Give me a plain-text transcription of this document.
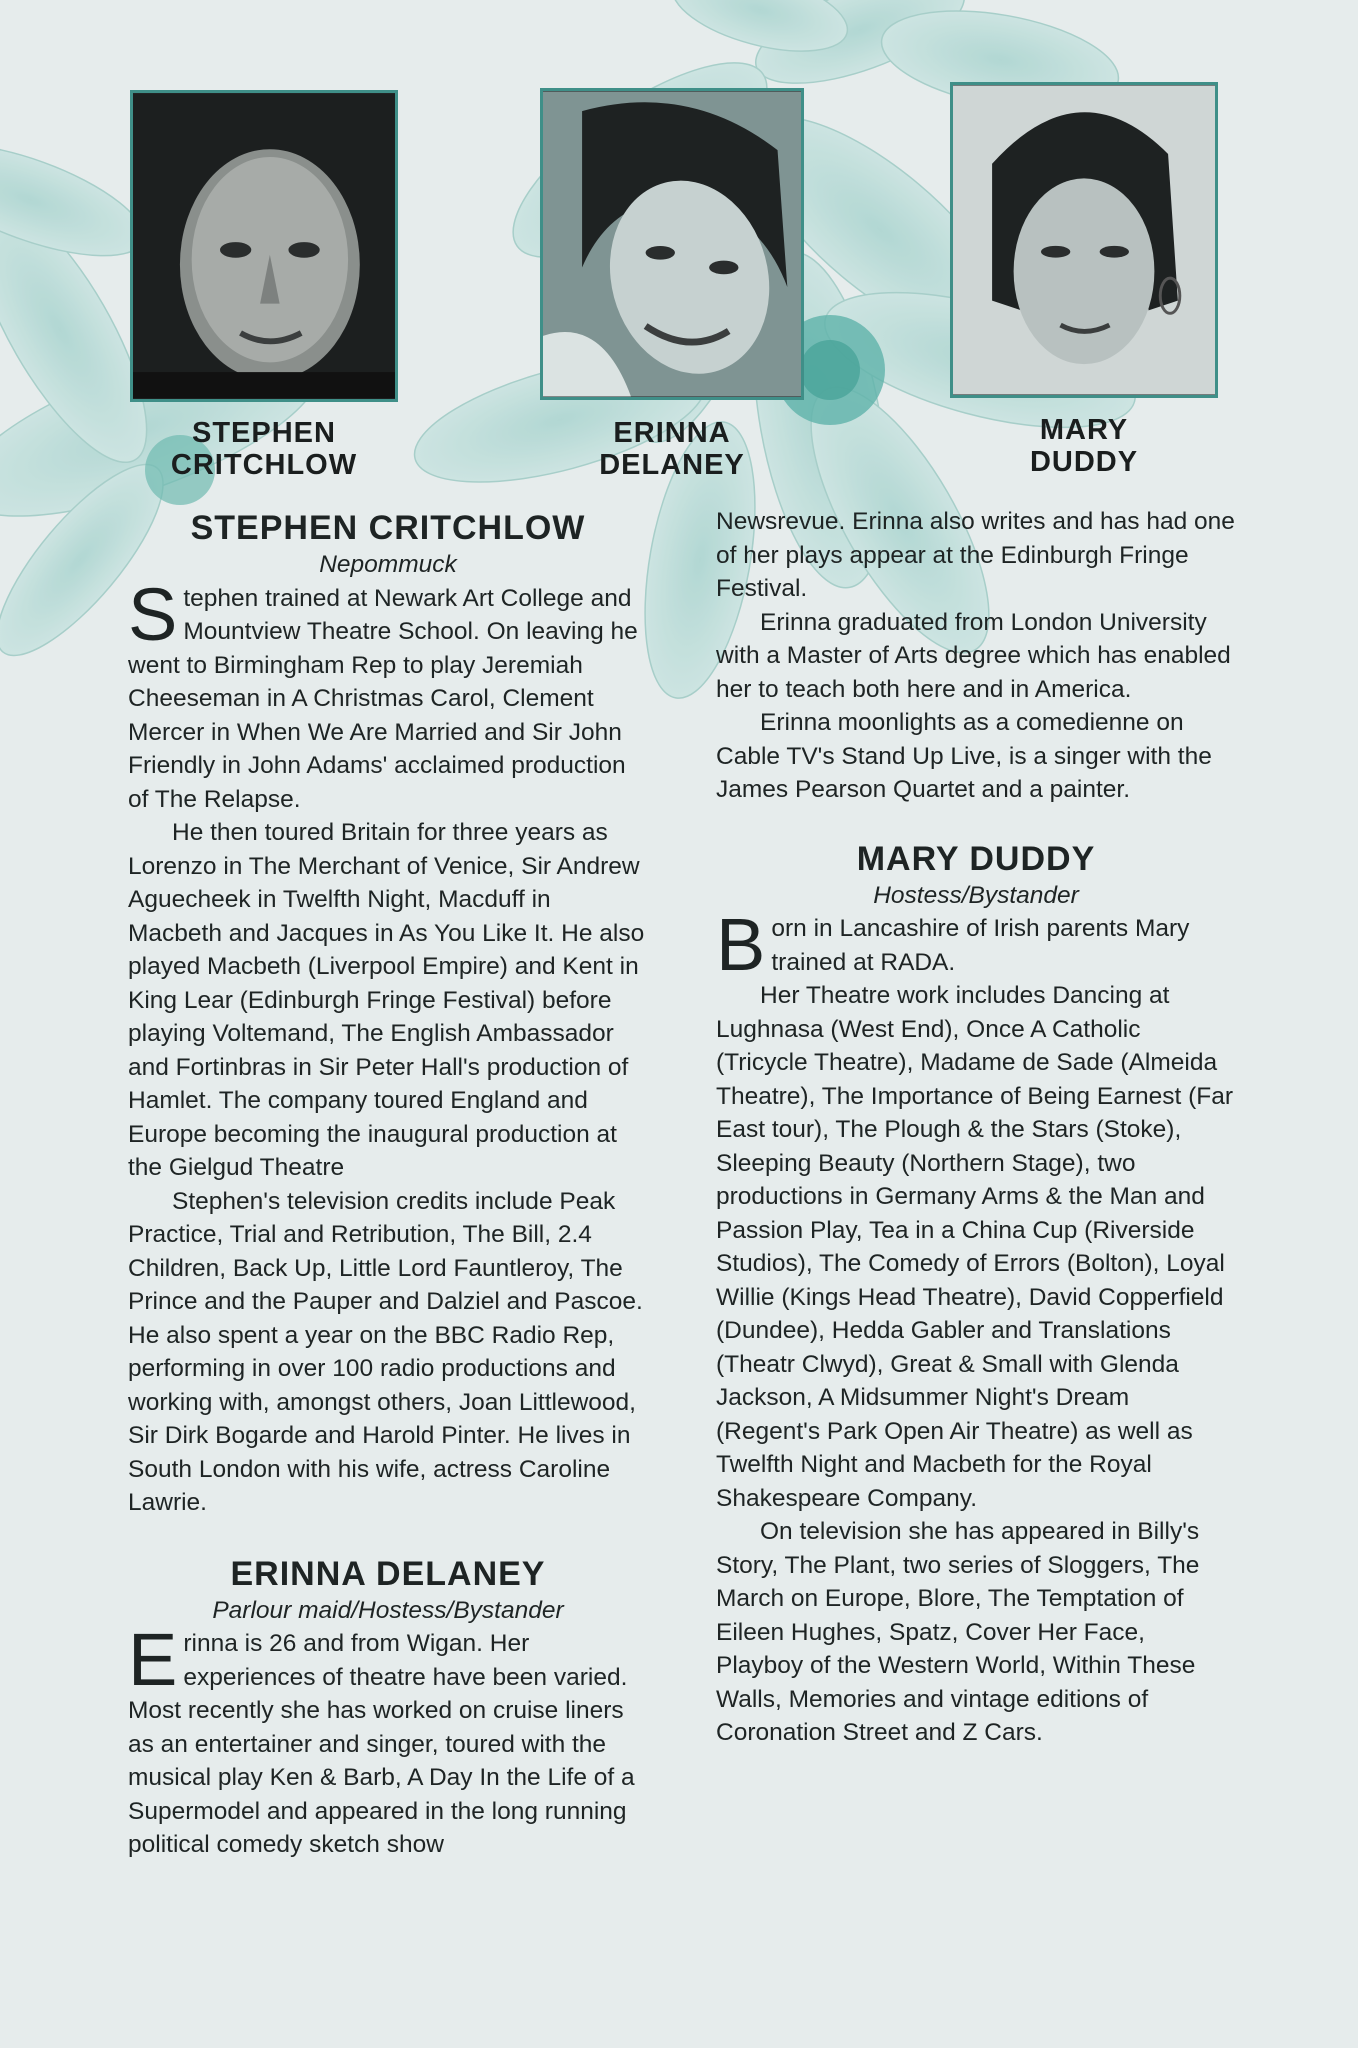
STEPHEN
CRITCHLOW
ERINNA
DELANEY
MARY
DUDDY
STEPHEN CRITCHLOW

Nepommuck

Stephen trained at Newark Art College and Mountview Theatre School. On leaving he went to Birmingham Rep to play Jeremiah Cheeseman in A Christmas Carol, Clement Mercer in When We Are Married and Sir John Friendly in John Adams' acclaimed production of The Relapse.

He then toured Britain for three years as Lorenzo in The Merchant of Venice, Sir Andrew Aguecheek in Twelfth Night, Macduff in Macbeth and Jacques in As You Like It. He also played Macbeth (Liverpool Empire) and Kent in King Lear (Edinburgh Fringe Festival) before playing Voltemand, The English Ambassador and Fortinbras in Sir Peter Hall's production of Hamlet. The company toured England and Europe becoming the inaugural production at the Gielgud Theatre

Stephen's television credits include Peak Practice, Trial and Retribution, The Bill, 2.4 Children, Back Up, Little Lord Fauntleroy, The Prince and the Pauper and Dalziel and Pascoe. He also spent a year on the BBC Radio Rep, performing in over 100 radio productions and working with, amongst others, Joan Littlewood, Sir Dirk Bogarde and Harold Pinter. He lives in South London with his wife, actress Caroline Lawrie.

ERINNA DELANEY

Parlour maid/Hostess/Bystander

Erinna is 26 and from Wigan. Her experiences of theatre have been varied. Most recently she has worked on cruise liners as an entertainer and singer, toured with the musical play Ken & Barb, A Day In the Life of a Supermodel and appeared in the long running political comedy sketch show

Newsrevue. Erinna also writes and has had one of her plays appear at the Edinburgh Fringe Festival.

Erinna graduated from London University with a Master of Arts degree which has enabled her to teach both here and in America.

Erinna moonlights as a comedienne on Cable TV's Stand Up Live, is a singer with the James Pearson Quartet and a painter.

MARY DUDDY

Hostess/Bystander

Born in Lancashire of Irish parents Mary trained at RADA.

Her Theatre work includes Dancing at Lughnasa (West End), Once A Catholic (Tricycle Theatre), Madame de Sade (Almeida Theatre), The Importance of Being Earnest (Far East tour), The Plough & the Stars (Stoke), Sleeping Beauty (Northern Stage), two productions in Germany Arms & the Man and Passion Play, Tea in a China Cup (Riverside Studios), The Comedy of Errors (Bolton), Loyal Willie (Kings Head Theatre), David Copperfield (Dundee), Hedda Gabler and Translations (Theatr Clwyd), Great & Small with Glenda Jackson, A Midsummer Night's Dream (Regent's Park Open Air Theatre) as well as Twelfth Night and Macbeth for the Royal Shakespeare Company.

On television she has appeared in Billy's Story, The Plant, two series of Sloggers, The March on Europe, Blore, The Temptation of Eileen Hughes, Spatz, Cover Her Face, Playboy of the Western World, Within These Walls, Memories and vintage editions of Coronation Street and Z Cars.
